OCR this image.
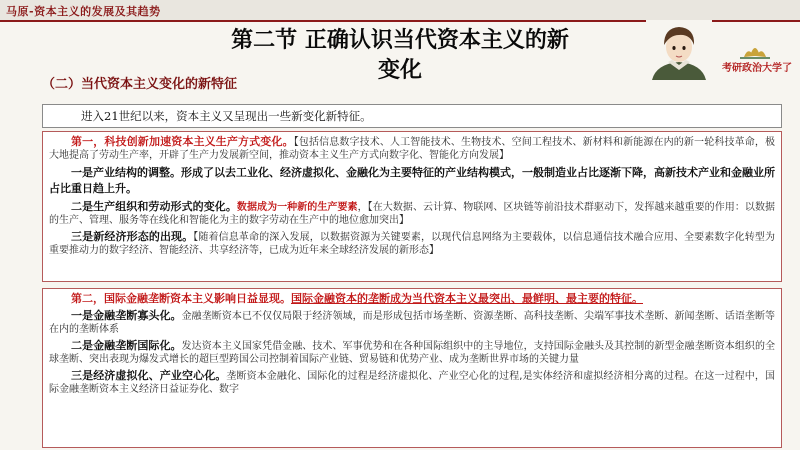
马原-资本主义的发展及其趋势
第二节 正确认识当代资本主义的新
变化
（二）当代资本主义变化的新特征
考研政治大学了
进入21世纪以来，资本主义又呈现出一些新变化新特征。
第一，科技创新加速资本主义生产方式变化。【包括信息数字技术、人工智能技术、生物技术、空间工程技术、新材料和新能源在内的新一轮科技革命，极大地提高了劳动生产率，开辟了生产力发展新空间，推动资本主义生产方式向数字化、智能化方向发展】
一是产业结构的调整。形成了以去工业化、经济虚拟化、金融化为主要特征的产业结构模式，一般制造业占比逐渐下降，高新技术产业和金融业所占比重日趋上升。
二是生产组织和劳动形式的变化。数据成为一种新的生产要素，【在大数据、云计算、物联网、区块链等前沿技术群驱动下，发挥越来越重要的作用：以数据的生产、管理、服务等在线化和智能化为主的数字劳动在生产中的地位愈加突出】
三是新经济形态的出现。【随着信息革命的深入发展，以数据资源为关键要素，以现代信息网络为主要载体，以信息通信技术融合应用、全要素数字化转型为重要推动力的数字经济、智能经济、共享经济等，已成为近年来全球经济发展的新形态】
第二，国际金融垄断资本主义影响日益显现。国际金融资本的垄断成为当代资本主义最突出、最鲜明、最主要的特征。
一是金融垄断寡头化。金融垄断资本已不仅仅局限于经济领域，而是形成包括市场垄断、资源垄断、高科技垄断、尖端军事技术垄断、新闻垄断、话语垄断等在内的垄断体系
二是金融垄断国际化。发达资本主义国家凭借金融、技术、军事优势和在各种国际组织中的主导地位，支持国际金融头及其控制的新型金融垄断资本组织的全球垄断、突出表现为爆发式增长的超巨型跨国公司控制着国际产业链、贸易链和优势产业、成为垄断世界市场的关键力量
三是经济虚拟化、产业空心化。垄断资本金融化、国际化的过程是经济虚拟化、产业空心化的过程,是实体经济和虚拟经济相分离的过程。在这一过程中，国际金融垄断资本主义经济日益证券化、数字
